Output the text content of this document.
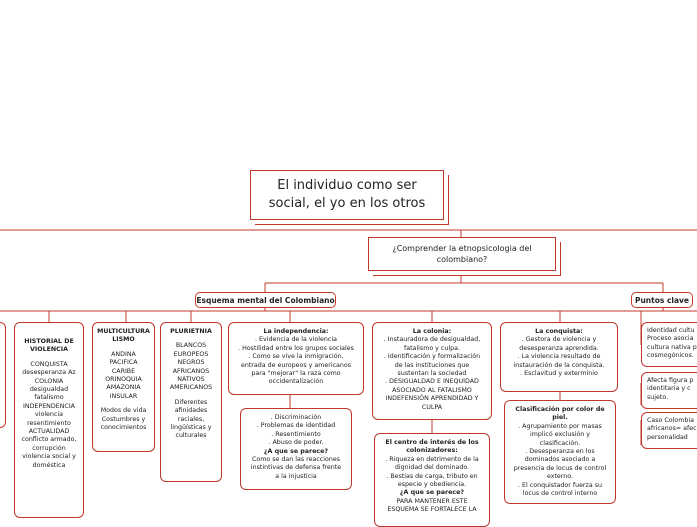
El individuo como ser
social, el yo en los otros
¿Comprender la etnopsicologia del colombiano?
Esquema mental del Colombiano	Puntos clave
HISTORIAL DE VIOLENCIA
CONQUISTA
desesperanza Az
COLONIA
desigualdad
fatalismo
INDEPENDENCIA
violencia
resentimiento
ACTUALIDAD
conflicto armado,
corrupción
violencia social y
doméstica
MULTICULTURALISMO
ANDINA
PACIFICA
CARIBE
ORINOQUIA
AMAZONIA
INSULAR
Modos de vida
Costumbres y
conocimientos
PLURIETNIA
BLANCOS
EUROPEOS
NEGROS
AFRICANOS
NATIVOS
AMERICANOS
Diferentes
afinidades
raciales,
lingüísticas y
culturales
La independencia:
. Evidencia de la violencia
. Hostilidad entre los grupos sociales
. Como se vive la inmigración,
entrada de europeos y americanos
para "mejorar" la raza como
occidentalización
. Discriminación
. Problemas de identidad
. Resentimiento
. Abuso de poder.
¿A que se parece?
Como se dan las reacciones
instintivas de defensa frente
a la injusticia
La colonia:
. Instauradora de desigualdad,
fatalismo y culpa.
. Identificación y formalización
de las instituciones que
sustentan la sociedad
. DESIGUALDAD E INEQUIDAD
ASOCIADO AL FATALISMO
INDEFENSIÓN APRENDIDAD Y
CULPA
El centro de interés de los
colonizadores:
. Riqueza en detrimento de la
dignidad del dominado.
. Bestias de carga, tributo en
especie y obediencia.
¿A que se parece?
PARA MANTENER ESTE
ESQUEMA SE FORTALECE LA
La conquista:
. Gestora de violencia y
desesperanza aprendida.
. La violencia resultado de
instauración de la conquista.
. Esclavitud y exterminio
Clasificación por color de
piel.
. Agrupamiento por masas
implicó exclusión y
clasificación.
. Desesperanza en los
dominados asociado a
presencia de locus de control
externo.
. El conquistador fuerza su
locus de control interno
Identidad cultu
Proceso asocia
cultura nativa p
cosmogónicos.
Afecta figura p
identitaria y c
sujeto.
Caso Colombia
africanos= afec
personalidad
